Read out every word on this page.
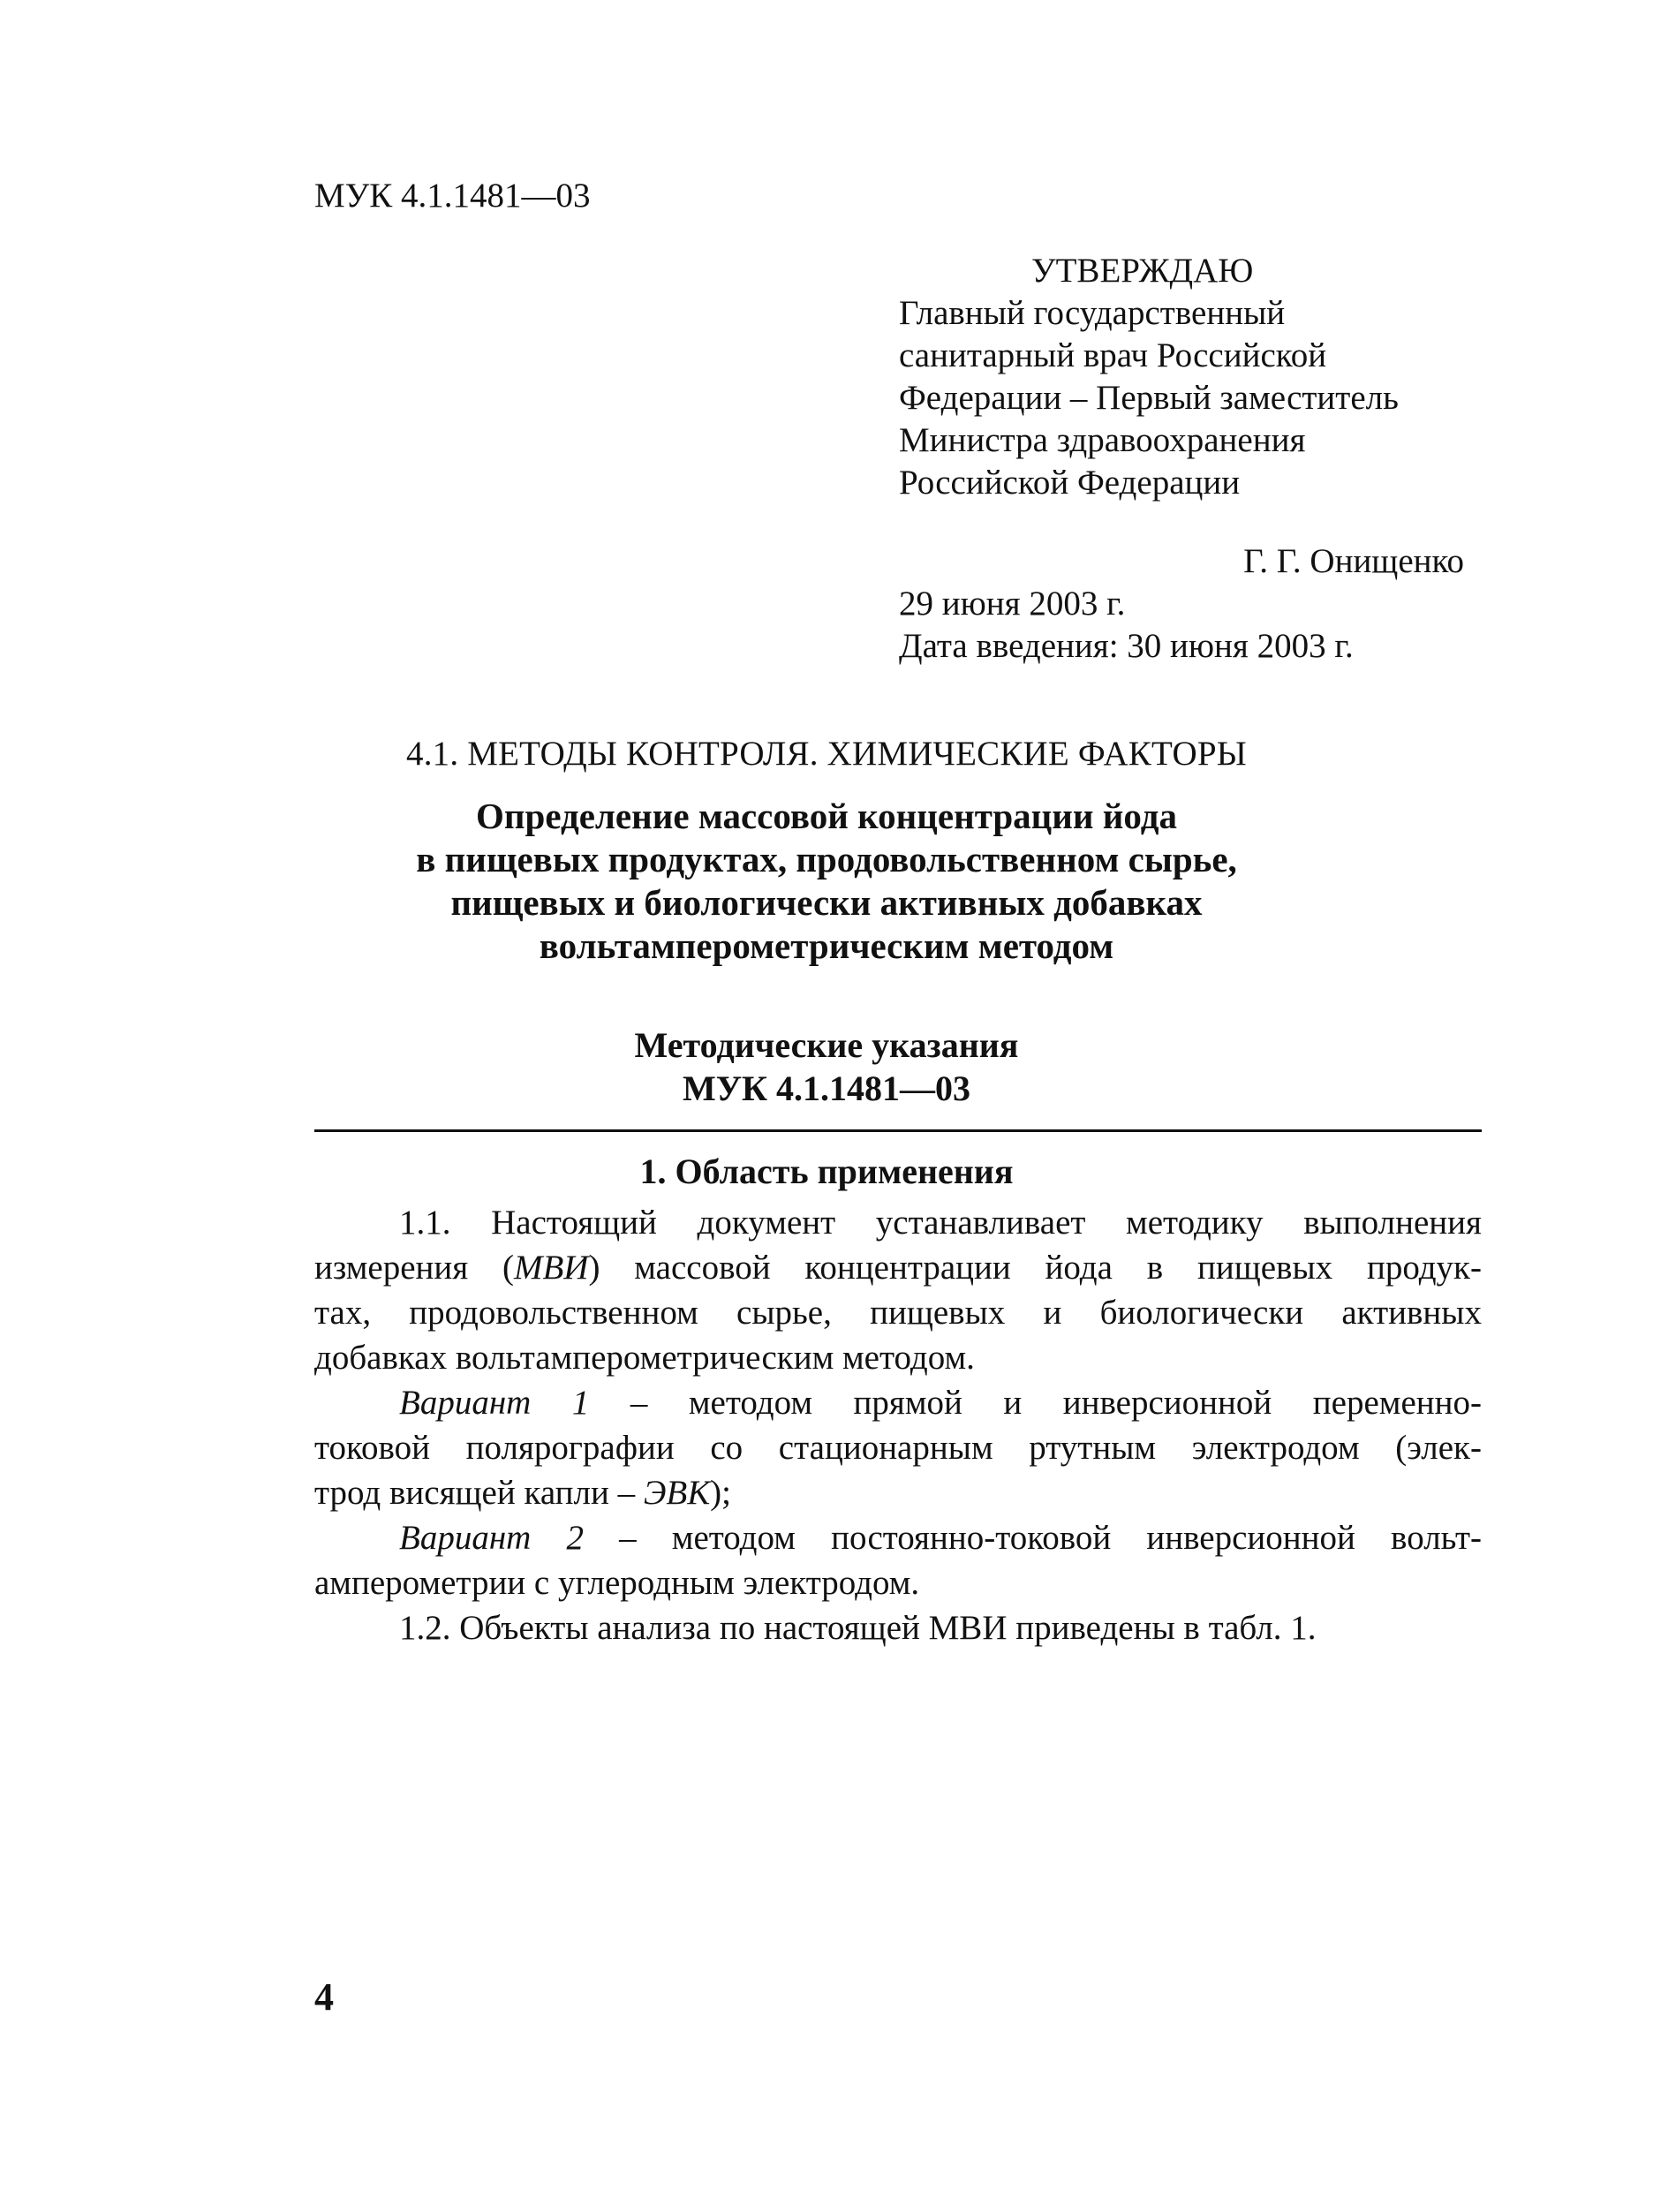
МУК 4.1.1481—03
УТВЕРЖДАЮ
Главный государственный
санитарный врач Российской
Федерации – Первый заместитель
Министра здравоохранения
Российской Федерации
Г. Г. Онищенко
29 июня 2003 г.
Дата введения: 30 июня 2003 г.
4.1. МЕТОДЫ КОНТРОЛЯ. ХИМИЧЕСКИЕ ФАКТОРЫ
Определение массовой концентрации йода
в пищевых продуктах, продовольственном сырье,
пищевых и биологически активных добавках
вольтамперометрическим методом
Методические указания
МУК 4.1.1481—03
1. Область применения
1.1. Настоящий документ устанавливает методику выполнения
измерения (МВИ) массовой концентрации йода в пищевых продук-
тах, продовольственном сырье, пищевых и биологически активных
добавках вольтамперометрическим методом.
Вариант 1 – методом прямой и инверсионной переменно-
токовой полярографии со стационарным ртутным электродом (элек-
трод висящей капли – ЭВК);
Вариант 2 – методом постоянно-токовой инверсионной вольт-
амперометрии с углеродным электродом.
1.2. Объекты анализа по настоящей МВИ приведены в табл. 1.
4
